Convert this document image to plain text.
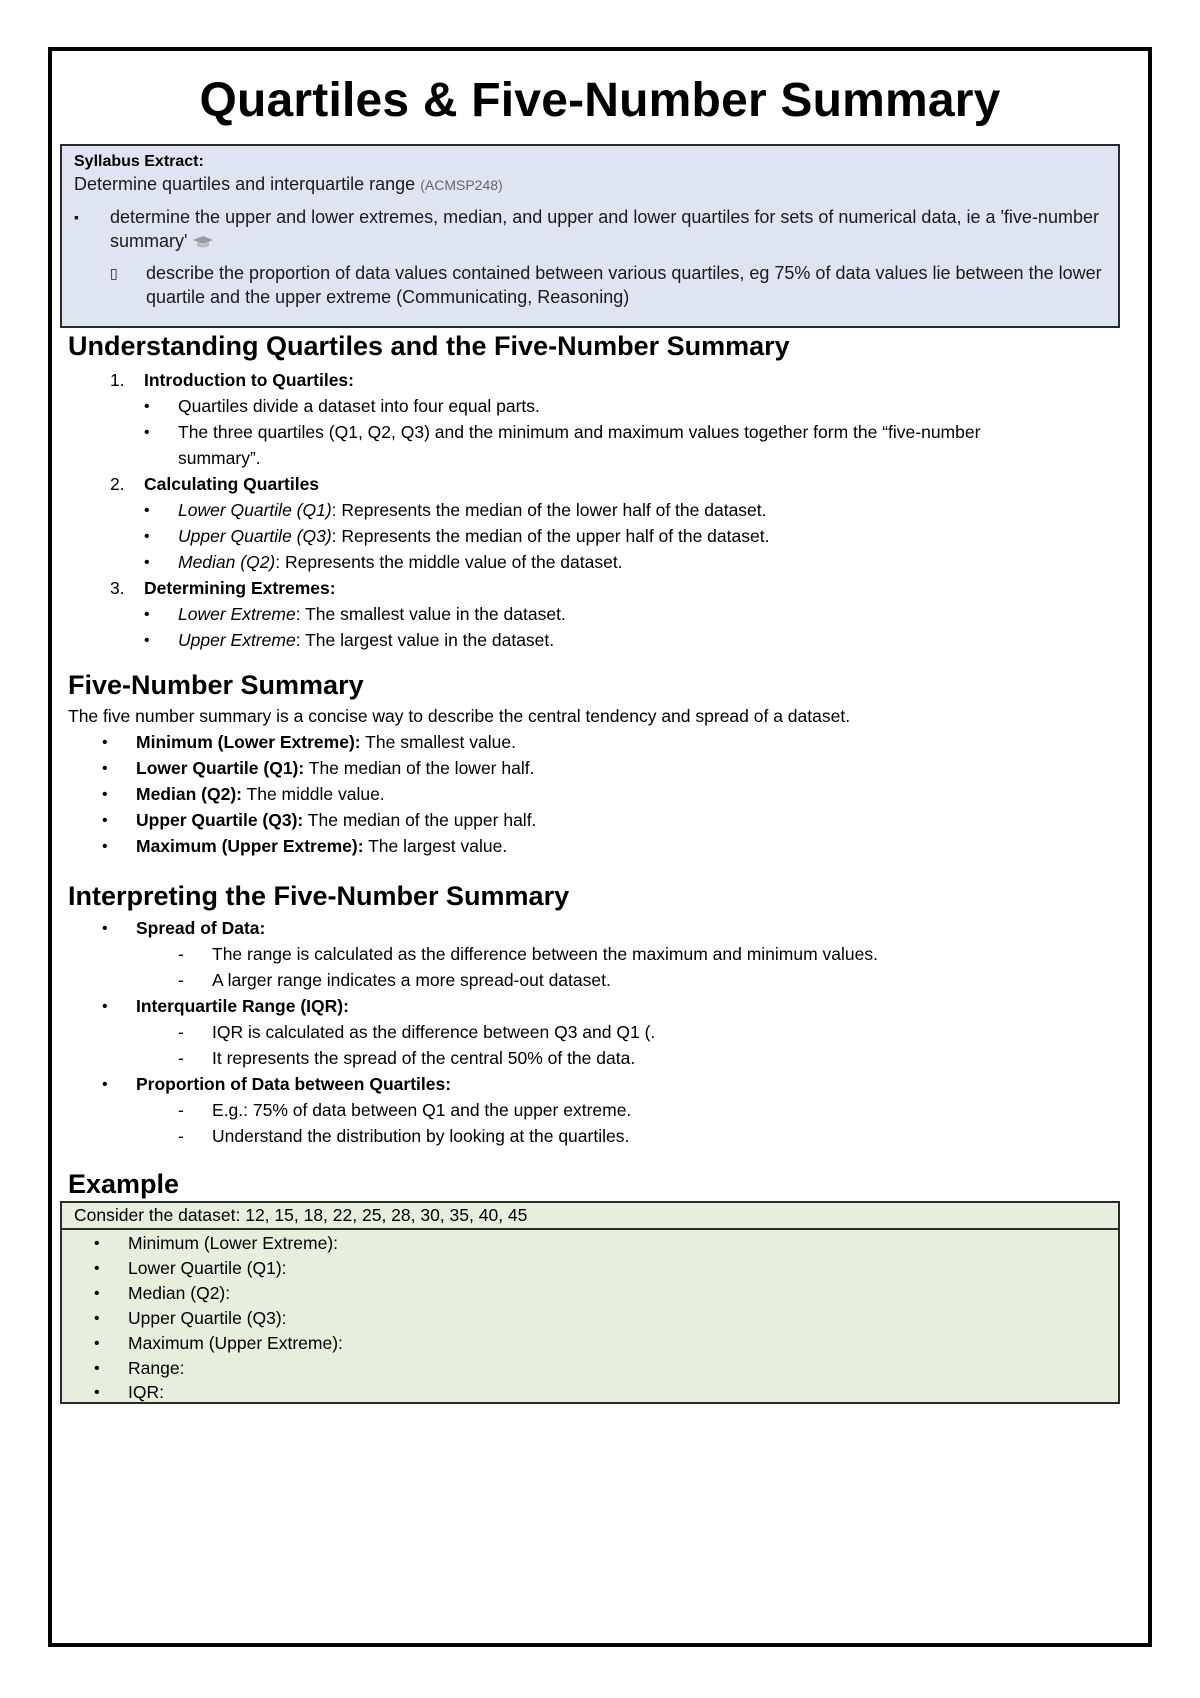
Quartiles & Five-Number Summary
Syllabus Extract:
Determine quartiles and interquartile range (ACMSP248)
▪	determine the upper and lower extremes, median, and upper and lower quartiles for sets of numerical data, ie a 'five-number summary'
▯	describe the proportion of data values contained between various quartiles, eg 75% of data values lie between the lower quartile and the upper extreme (Communicating, Reasoning)
Understanding Quartiles and the Five-Number Summary
1.	Introduction to Quartiles:
•	Quartiles divide a dataset into four equal parts.
•	The three quartiles (Q1, Q2, Q3) and the minimum and maximum values together form the “five-number
summary”.
2.	Calculating Quartiles
•	Lower Quartile (Q1): Represents the median of the lower half of the dataset.
•	Upper Quartile (Q3): Represents the median of the upper half of the dataset.
•	Median (Q2): Represents the middle value of the dataset.
3.	Determining Extremes:
•	Lower Extreme: The smallest value in the dataset.
•	Upper Extreme: The largest value in the dataset.
Five-Number Summary
The five number summary is a concise way to describe the central tendency and spread of a dataset.
•	Minimum (Lower Extreme): The smallest value.
•	Lower Quartile (Q1): The median of the lower half.
•	Median (Q2): The middle value.
•	Upper Quartile (Q3): The median of the upper half.
•	Maximum (Upper Extreme): The largest value.
Interpreting the Five-Number Summary
•	Spread of Data:
-	The range is calculated as the difference between the maximum and minimum values.
-	A larger range indicates a more spread-out dataset.
•	Interquartile Range (IQR):
-	IQR is calculated as the difference between Q3 and Q1 (.
-	It represents the spread of the central 50% of the data.
•	Proportion of Data between Quartiles:
-	E.g.: 75% of data between Q1 and the upper extreme.
-	Understand the distribution by looking at the quartiles.
Example
Consider the dataset: 12, 15, 18, 22, 25, 28, 30, 35, 40, 45
•	Minimum (Lower Extreme):
•	Lower Quartile (Q1):
•	Median (Q2):
•	Upper Quartile (Q3):
•	Maximum (Upper Extreme):
•	Range:
•	IQR:
